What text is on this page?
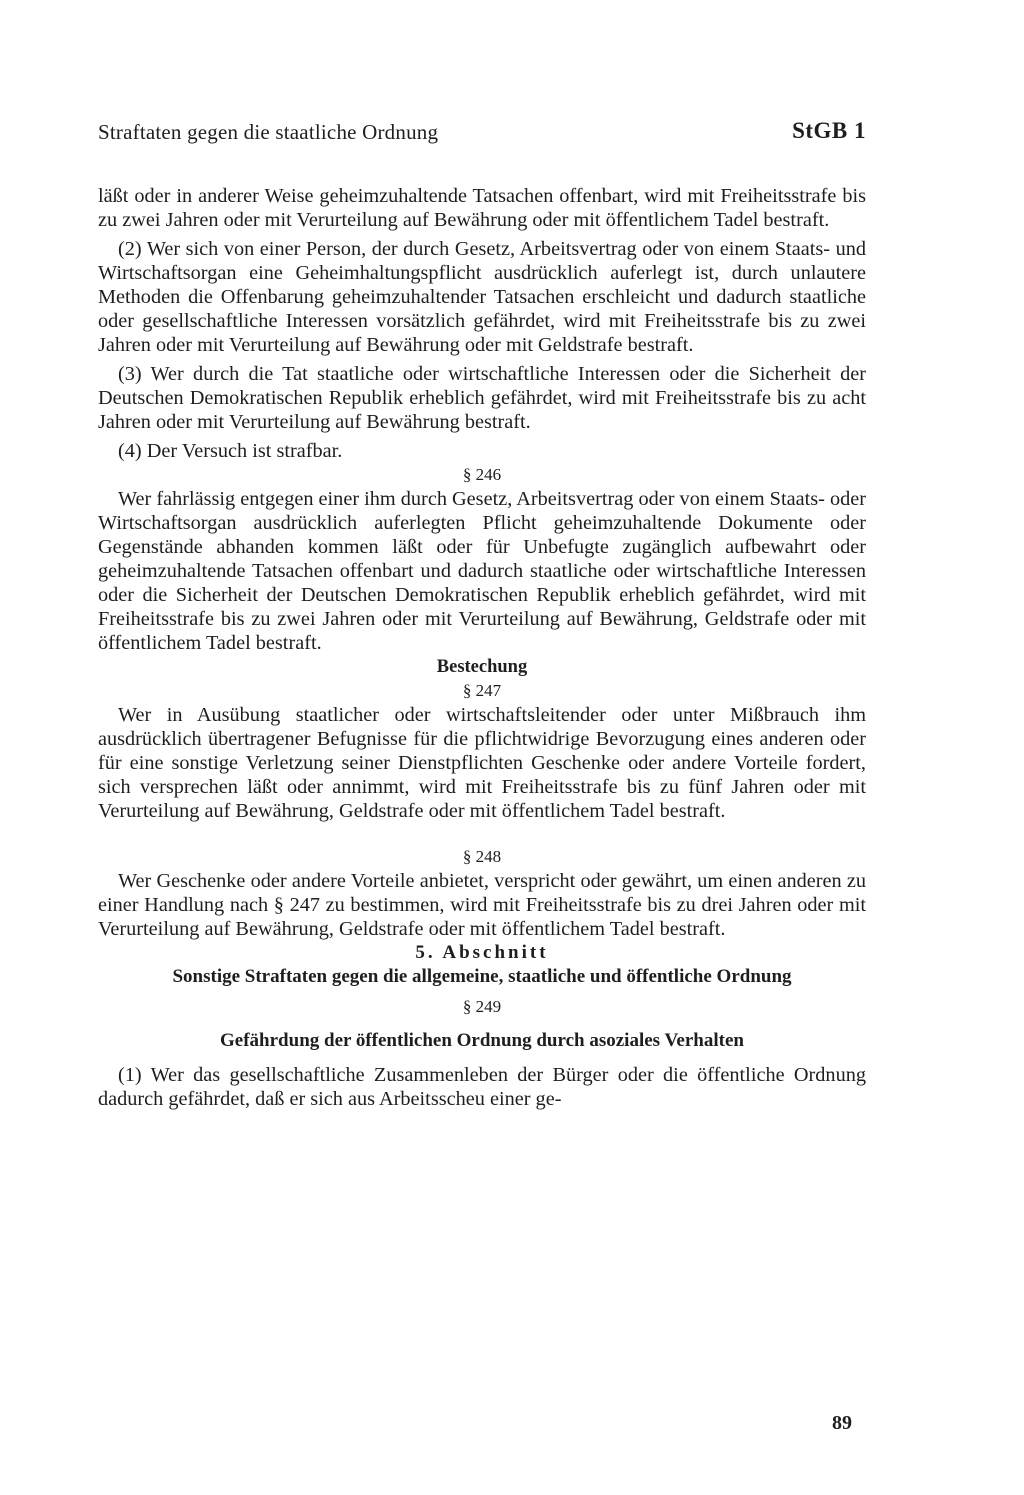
Straftaten gegen die staatliche Ordnung	StGB 1

läßt oder in anderer Weise geheimzuhaltende Tatsachen offenbart, wird mit Freiheitsstrafe bis zu zwei Jahren oder mit Verurteilung auf Bewährung oder mit öffentlichem Tadel bestraft.

(2) Wer sich von einer Person, der durch Gesetz, Arbeitsvertrag oder von einem Staats- und Wirtschaftsorgan eine Geheimhaltungspflicht ausdrücklich auferlegt ist, durch unlautere Methoden die Offenbarung geheimzuhaltender Tatsachen erschleicht und dadurch staatliche oder gesellschaftliche Interessen vorsätzlich gefährdet, wird mit Freiheitsstrafe bis zu zwei Jahren oder mit Verurteilung auf Bewährung oder mit Geldstrafe bestraft.

(3) Wer durch die Tat staatliche oder wirtschaftliche Interessen oder die Sicherheit der Deutschen Demokratischen Republik erheblich gefährdet, wird mit Freiheitsstrafe bis zu acht Jahren oder mit Verurteilung auf Bewährung bestraft.

(4) Der Versuch ist strafbar.

§ 246

Wer fahrlässig entgegen einer ihm durch Gesetz, Arbeitsvertrag oder von einem Staats- oder Wirtschaftsorgan ausdrücklich auferlegten Pflicht geheimzuhaltende Dokumente oder Gegenstände abhanden kommen läßt oder für Unbefugte zugänglich aufbewahrt oder geheimzuhaltende Tatsachen offenbart und dadurch staatliche oder wirtschaftliche Interessen oder die Sicherheit der Deutschen Demokratischen Republik erheblich gefährdet, wird mit Freiheitsstrafe bis zu zwei Jahren oder mit Verurteilung auf Bewährung, Geldstrafe oder mit öffentlichem Tadel bestraft.

Bestechung

§ 247

Wer in Ausübung staatlicher oder wirtschaftsleitender oder unter Mißbrauch ihm ausdrücklich übertragener Befugnisse für die pflichtwidrige Bevorzugung eines anderen oder für eine sonstige Verletzung seiner Dienstpflichten Geschenke oder andere Vorteile fordert, sich versprechen läßt oder annimmt, wird mit Freiheitsstrafe bis zu fünf Jahren oder mit Verurteilung auf Bewährung, Geldstrafe oder mit öffentlichem Tadel bestraft.

§ 248

Wer Geschenke oder andere Vorteile anbietet, verspricht oder gewährt, um einen anderen zu einer Handlung nach § 247 zu bestimmen, wird mit Freiheitsstrafe bis zu drei Jahren oder mit Verurteilung auf Bewährung, Geldstrafe oder mit öffentlichem Tadel bestraft.

5. Abschnitt

Sonstige Straftaten gegen die allgemeine, staatliche und öffentliche Ordnung

§ 249

Gefährdung der öffentlichen Ordnung durch asoziales Verhalten

(1) Wer das gesellschaftliche Zusammenleben der Bürger oder die öffentliche Ordnung dadurch gefährdet, daß er sich aus Arbeitsscheu einer ge-

89
